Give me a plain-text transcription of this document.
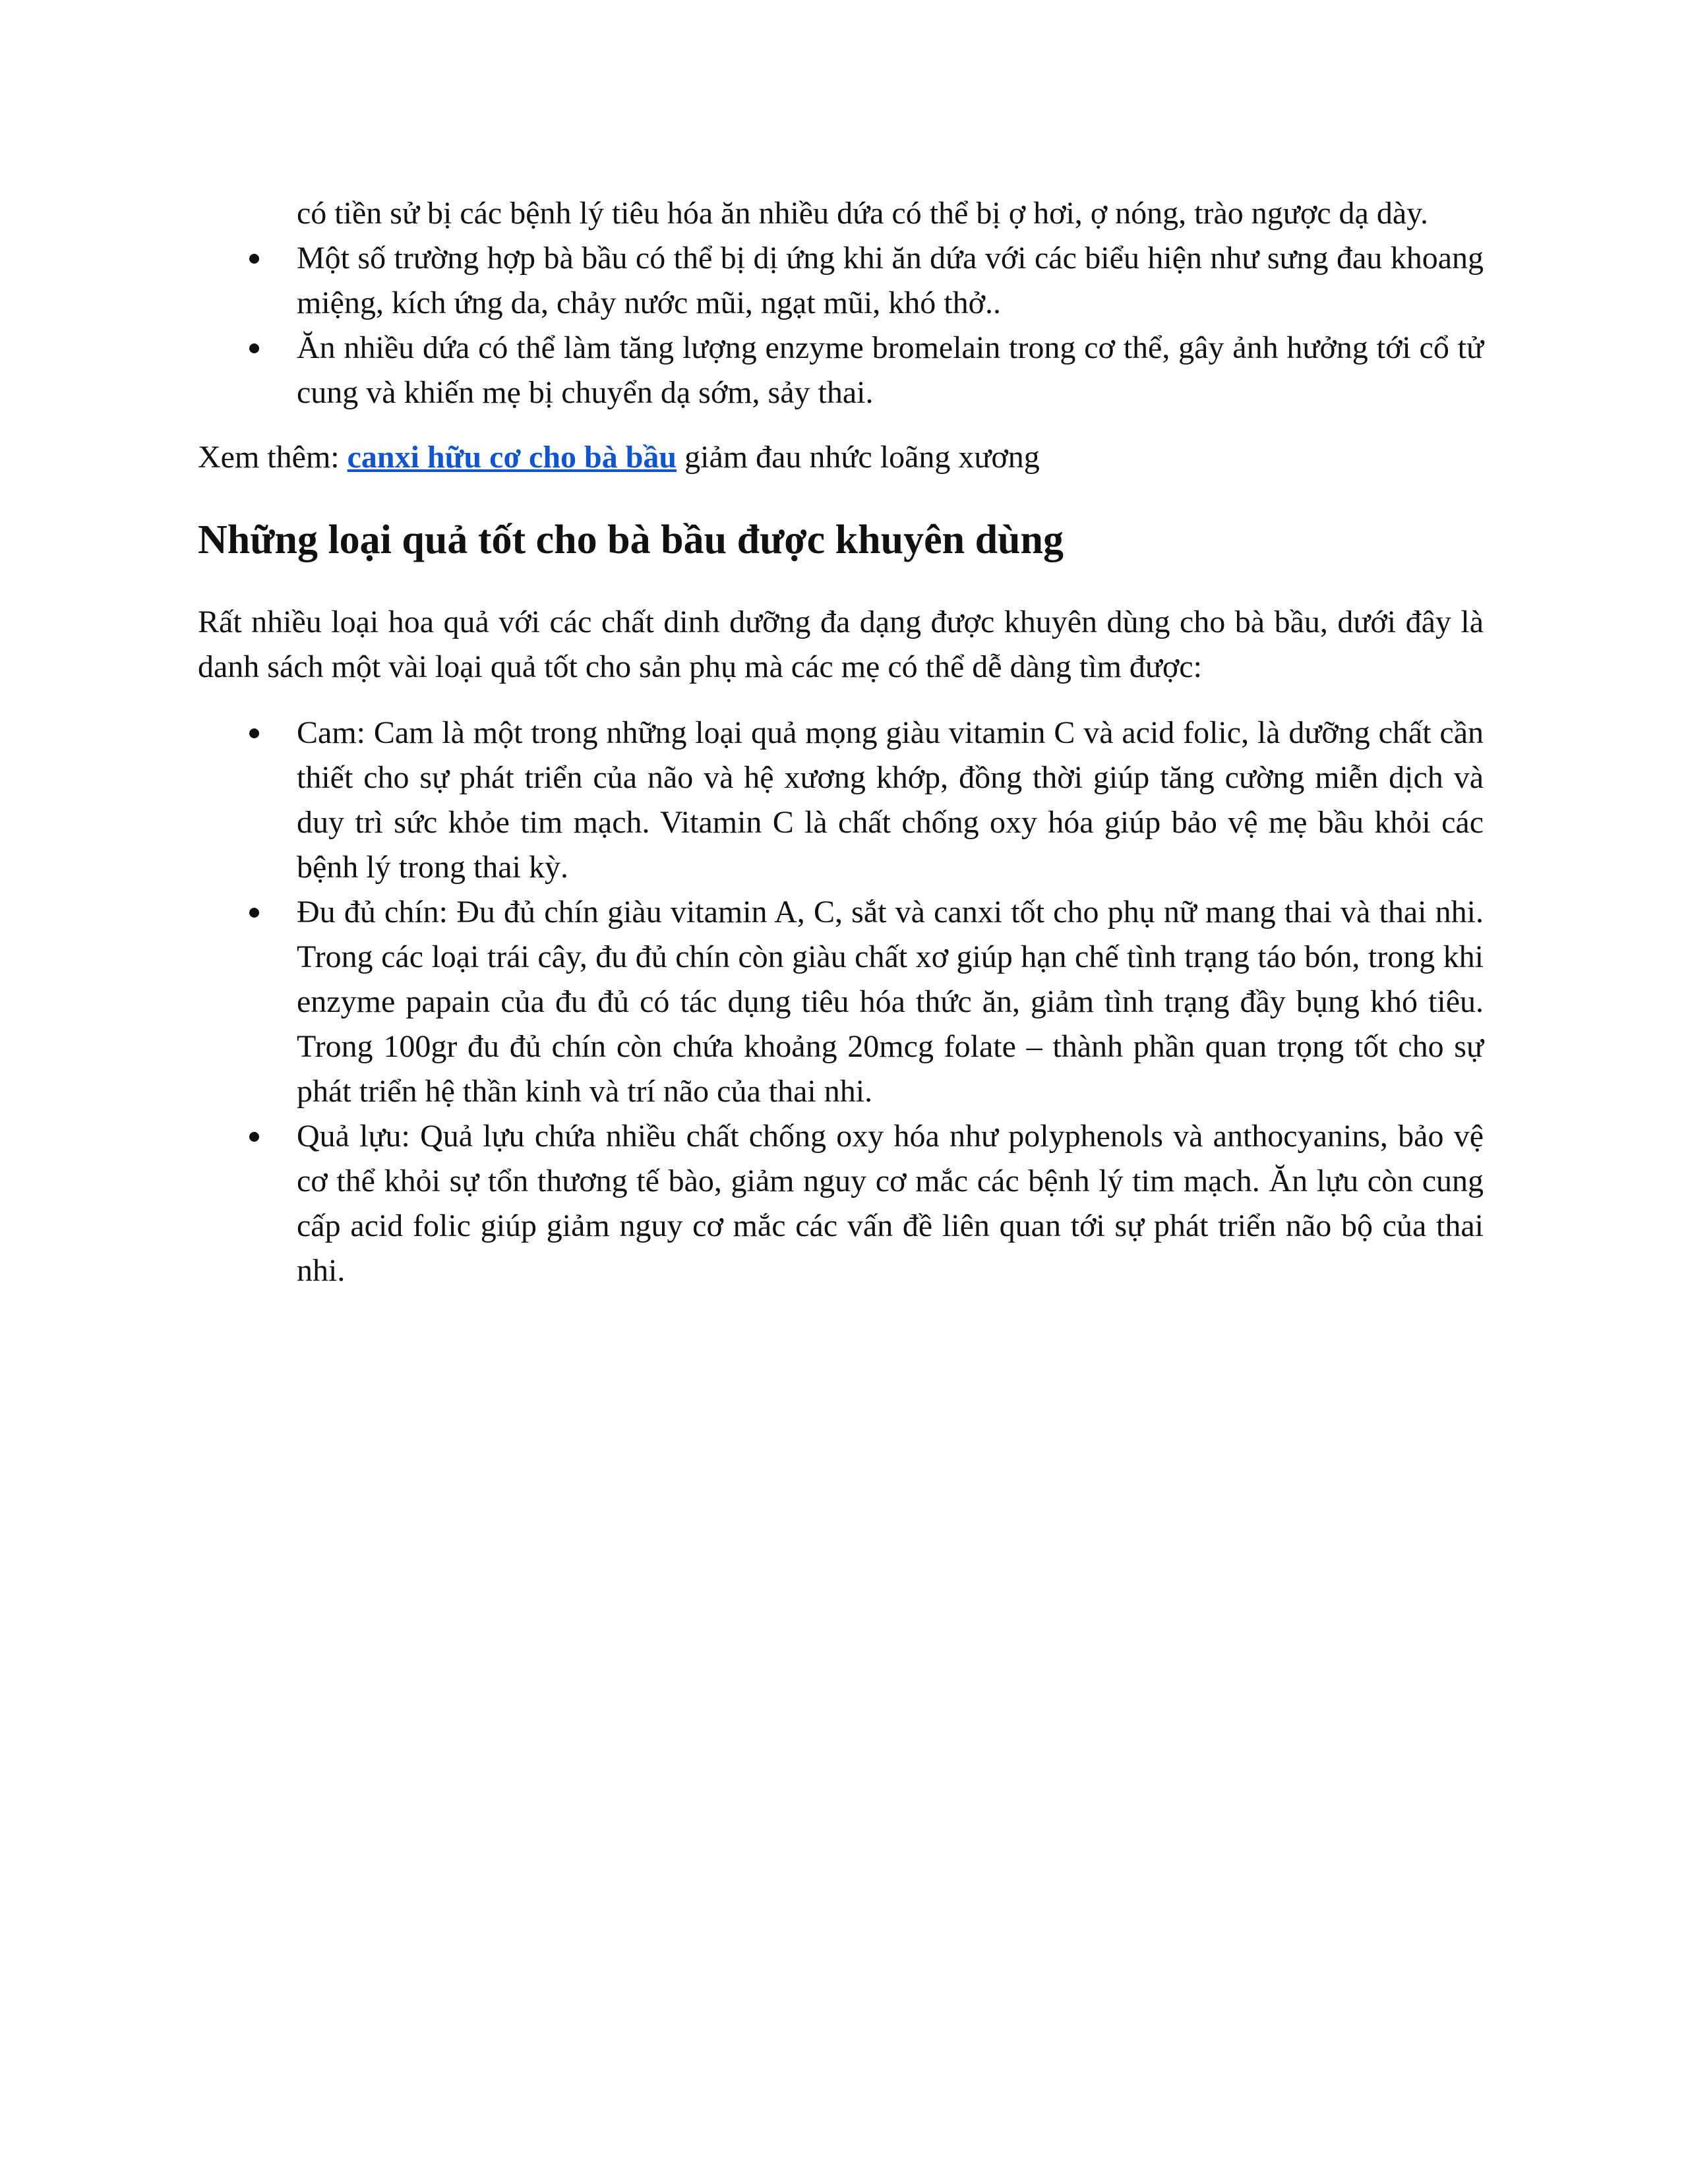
có tiền sử bị các bệnh lý tiêu hóa ăn nhiều dứa có thể bị ợ hơi, ợ nóng, trào ngược dạ dày.
Một số trường hợp bà bầu có thể bị dị ứng khi ăn dứa với các biểu hiện như sưng đau khoang miệng, kích ứng da, chảy nước mũi, ngạt mũi, khó thở..
Ăn nhiều dứa có thể làm tăng lượng enzyme bromelain trong cơ thể, gây ảnh hưởng tới cổ tử cung và khiến mẹ bị chuyển dạ sớm, sảy thai.

Xem thêm: canxi hữu cơ cho bà bầu giảm đau nhức loãng xương

Những loại quả tốt cho bà bầu được khuyên dùng

Rất nhiều loại hoa quả với các chất dinh dưỡng đa dạng được khuyên dùng cho bà bầu, dưới đây là danh sách một vài loại quả tốt cho sản phụ mà các mẹ có thể dễ dàng tìm được:

Cam: Cam là một trong những loại quả mọng giàu vitamin C và acid folic, là dưỡng chất cần thiết cho sự phát triển của não và hệ xương khớp, đồng thời giúp tăng cường miễn dịch và duy trì sức khỏe tim mạch. Vitamin C là chất chống oxy hóa giúp bảo vệ mẹ bầu khỏi các bệnh lý trong thai kỳ.
Đu đủ chín: Đu đủ chín giàu vitamin A, C, sắt và canxi tốt cho phụ nữ mang thai và thai nhi. Trong các loại trái cây, đu đủ chín còn giàu chất xơ giúp hạn chế tình trạng táo bón, trong khi enzyme papain của đu đủ có tác dụng tiêu hóa thức ăn, giảm tình trạng đầy bụng khó tiêu. Trong 100gr đu đủ chín còn chứa khoảng 20mcg folate – thành phần quan trọng tốt cho sự phát triển hệ thần kinh và trí não của thai nhi.
Quả lựu: Quả lựu chứa nhiều chất chống oxy hóa như polyphenols và anthocyanins, bảo vệ cơ thể khỏi sự tổn thương tế bào, giảm nguy cơ mắc các bệnh lý tim mạch. Ăn lựu còn cung cấp acid folic giúp giảm nguy cơ mắc các vấn đề liên quan tới sự phát triển não bộ của thai nhi.
